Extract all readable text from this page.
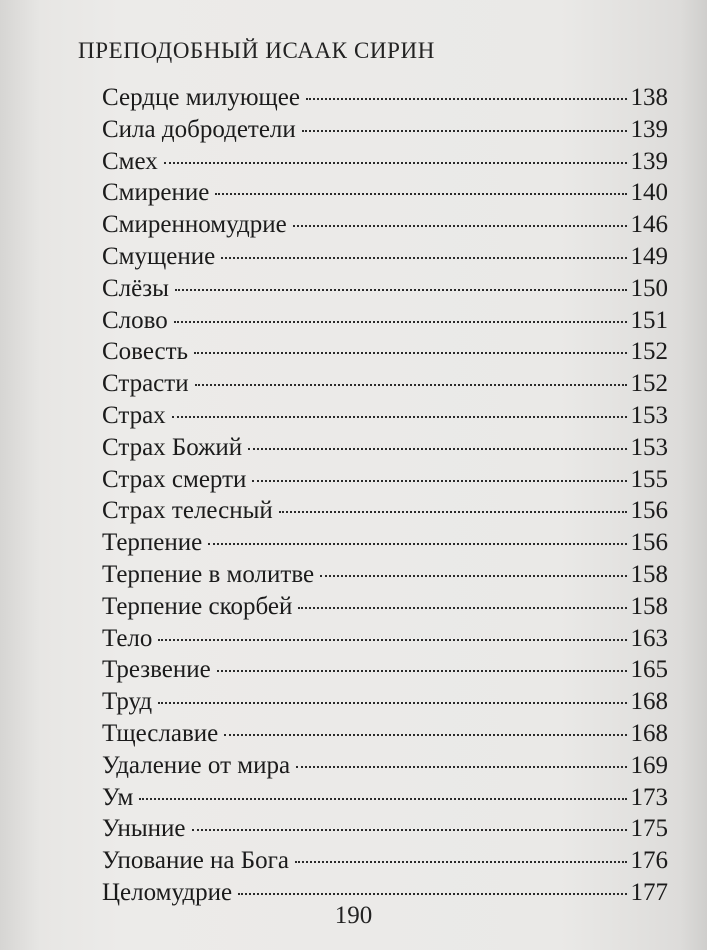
ПРЕПОДОБНЫЙ ИСААК СИРИН
Сердце милующее	138
Сила добродетели	139
Смех	139
Смирение	140
Смиренномудрие	146
Смущение	149
Слёзы	150
Слово	151
Совесть	152
Страсти	152
Страх	153
Страх Божий	153
Страх смерти	155
Страх телесный	156
Терпение	156
Терпение в молитве	158
Терпение скорбей	158
Тело	163
Трезвение	165
Труд	168
Тщеславие	168
Удаление от мира	169
Ум	173
Уныние	175
Упование на Бога	176
Целомудрие	177
190
